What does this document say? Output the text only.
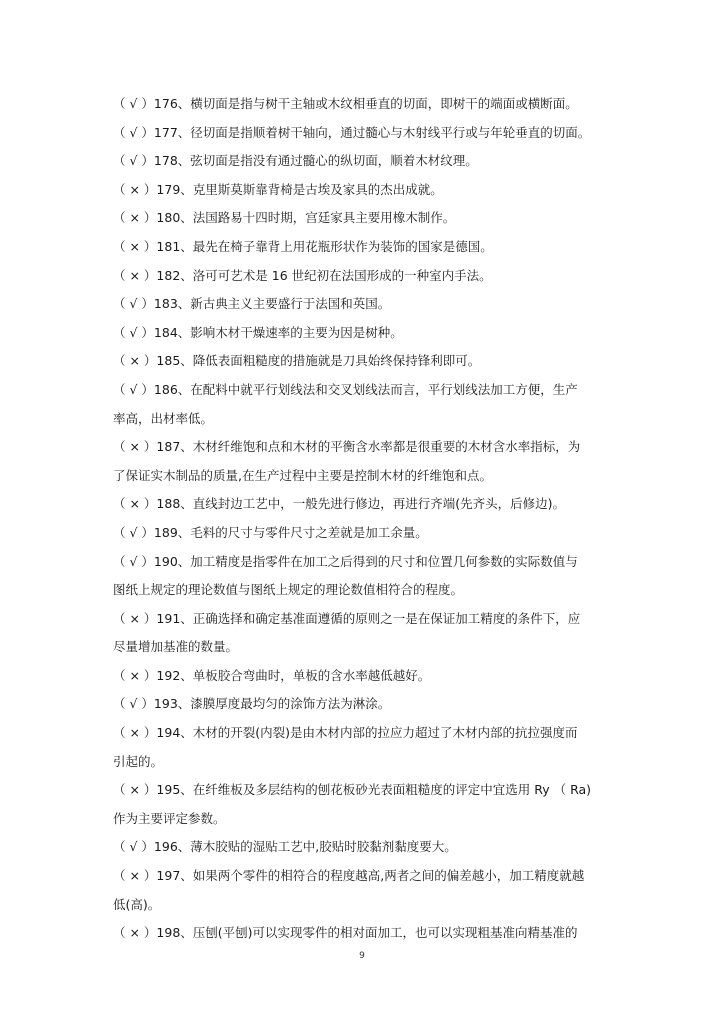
（ √ ）176、横切面是指与树干主轴或木纹相垂直的切面，即树干的端面或横断面。
（ √ ）177、径切面是指顺着树干轴向，通过髓心与木射线平行或与年轮垂直的切面。
（ √ ）178、弦切面是指没有通过髓心的纵切面，顺着木材纹理。
（ × ）179、克里斯莫斯靠背椅是古埃及家具的杰出成就。
（ × ）180、法国路易十四时期，宫廷家具主要用橡木制作。
（ × ）181、最先在椅子靠背上用花瓶形状作为装饰的国家是德国。
（ × ）182、洛可可艺术是 16 世纪初在法国形成的一种室内手法。
（ √ ）183、新古典主义主要盛行于法国和英国。
（ √ ）184、影响木材干燥速率的主要为因是树种。
（ × ）185、降低表面粗糙度的措施就是刀具始终保持锋利即可。
（ √ ）186、在配料中就平行划线法和交叉划线法而言，平行划线法加工方便，生产
率高，出材率低。
（ × ）187、木材纤维饱和点和木材的平衡含水率都是很重要的木材含水率指标，为
了保证实木制品的质量,在生产过程中主要是控制木材的纤维饱和点。
（ × ）188、直线封边工艺中，一般先进行修边，再进行齐端(先齐头，后修边)。
（ √ ）189、毛料的尺寸与零件尺寸之差就是加工余量。
（ √ ）190、加工精度是指零件在加工之后得到的尺寸和位置几何参数的实际数值与
图纸上规定的理论数值与图纸上规定的理论数值相符合的程度。
（ × ）191、正确选择和确定基准面遵循的原则之一是在保证加工精度的条件下，应
尽量增加基准的数量。
（ × ）192、单板胶合弯曲时，单板的含水率越低越好。
（ √ ）193、漆膜厚度最均匀的涂饰方法为淋涂。
（ × ）194、木材的开裂(内裂)是由木材内部的拉应力超过了木材内部的抗拉强度而
引起的。
（ × ）195、在纤维板及多层结构的刨花板砂光表面粗糙度的评定中宜选用 Ry （ Ra)
作为主要评定参数。
（ √ ）196、薄木胶贴的湿贴工艺中,胶贴时胶黏剂黏度要大。
（ × ）197、如果两个零件的相符合的程度越高,两者之间的偏差越小，加工精度就越
低(高)。
（ × ）198、压刨(平刨)可以实现零件的相对面加工，也可以实现粗基准向精基准的
9
